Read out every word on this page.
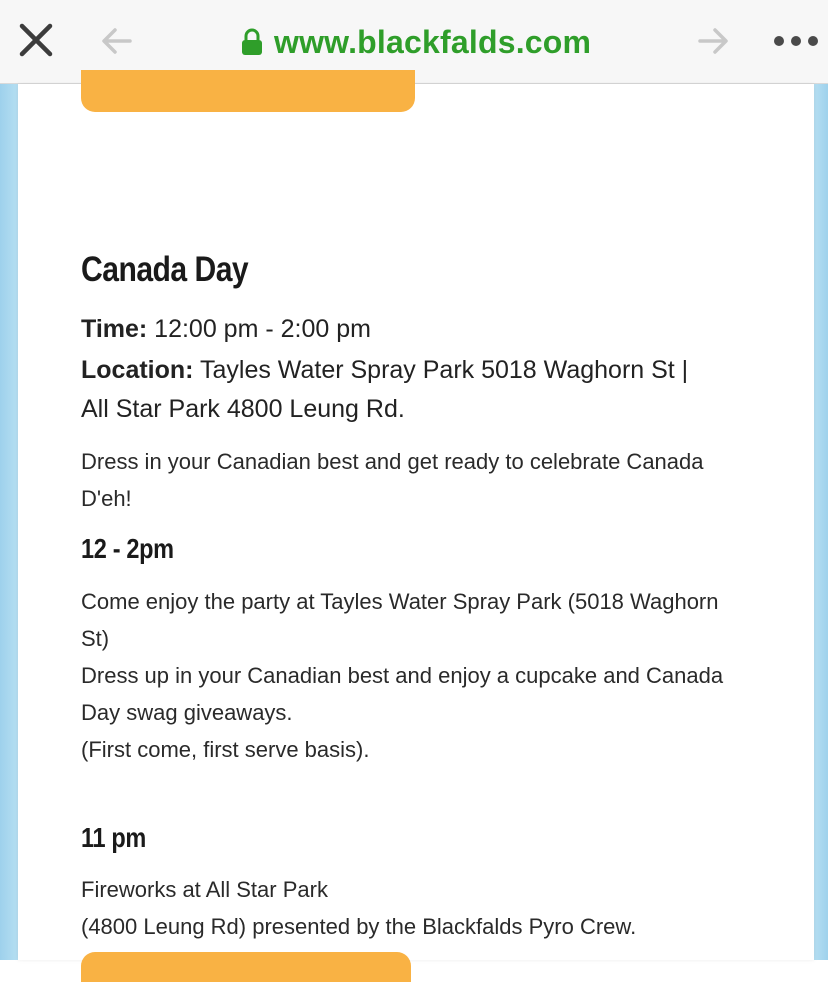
www.blackfalds.com
Canada Day
Time: 12:00 pm - 2:00 pm
Location: Tayles Water Spray Park 5018 Waghorn St |
All Star Park 4800 Leung Rd.
Dress in your Canadian best and get ready to celebrate Canada
D'eh!
12 - 2pm
Come enjoy the party at Tayles Water Spray Park (5018 Waghorn
St)
Dress up in your Canadian best and enjoy a cupcake and Canada
Day swag giveaways.
(First come, first serve basis).
11 pm
Fireworks at All Star Park
(4800 Leung Rd) presented by the Blackfalds Pyro Crew.
